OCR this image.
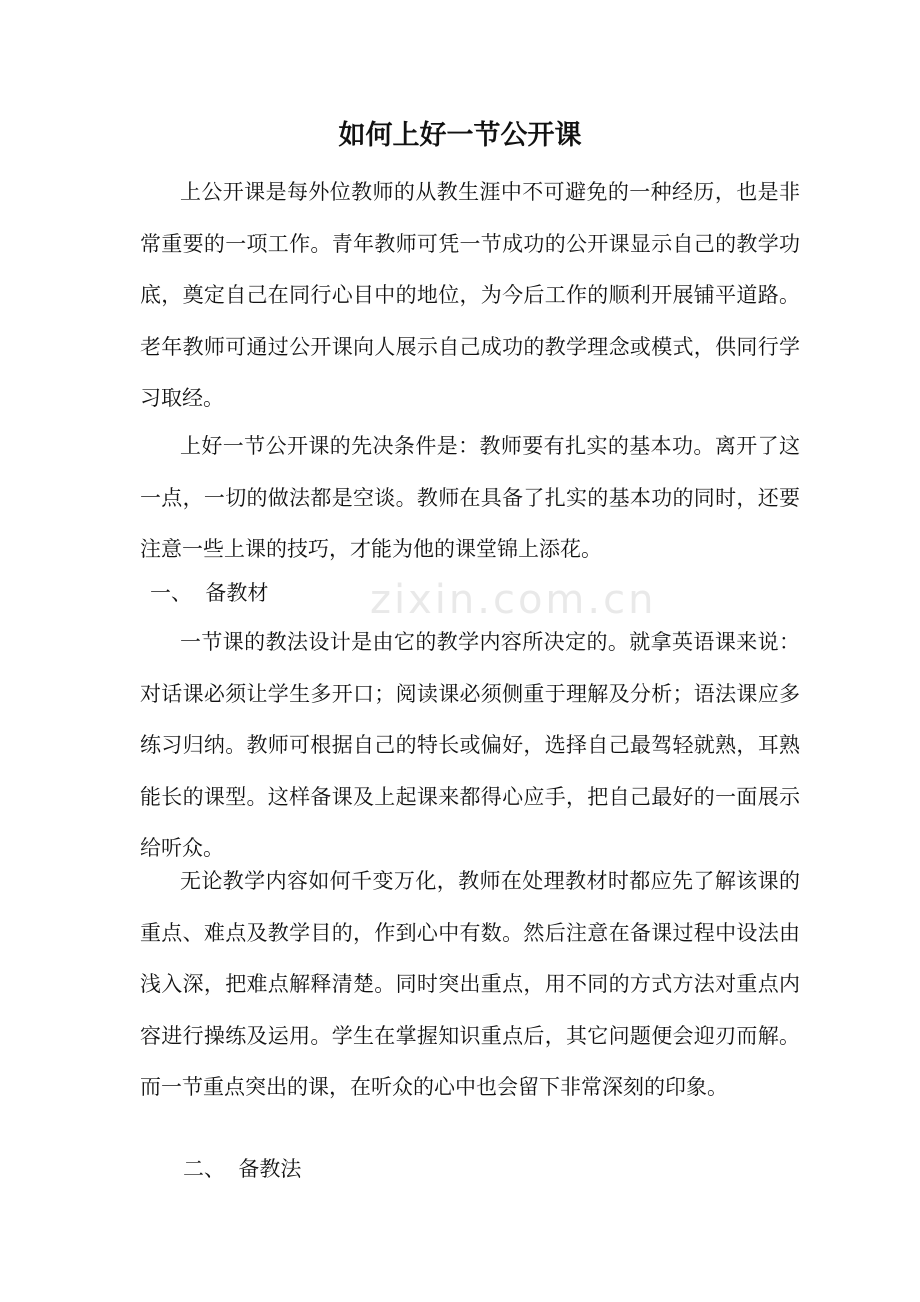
zixin.com.cn
如何上好一节公开课

上公开课是每外位教师的从教生涯中不可避免的一种经历，也是非常重要的一项工作。青年教师可凭一节成功的公开课显示自己的教学功底，奠定自己在同行心目中的地位，为今后工作的顺利开展铺平道路。老年教师可通过公开课向人展示自己成功的教学理念或模式，供同行学习取经。

上好一节公开课的先决条件是：教师要有扎实的基本功。离开了这一点，一切的做法都是空谈。教师在具备了扎实的基本功的同时，还要注意一些上课的技巧，才能为他的课堂锦上添花。

一、  备教材

一节课的教法设计是由它的教学内容所决定的。就拿英语课来说：对话课必须让学生多开口；阅读课必须侧重于理解及分析；语法课应多练习归纳。教师可根据自己的特长或偏好，选择自己最驾轻就熟，耳熟能长的课型。这样备课及上起课来都得心应手，把自己最好的一面展示给听众。

无论教学内容如何千变万化，教师在处理教材时都应先了解该课的重点、难点及教学目的，作到心中有数。然后注意在备课过程中设法由浅入深，把难点解释清楚。同时突出重点，用不同的方式方法对重点内容进行操练及运用。学生在掌握知识重点后，其它问题便会迎刃而解。而一节重点突出的课，在听众的心中也会留下非常深刻的印象。

二、  备教法
